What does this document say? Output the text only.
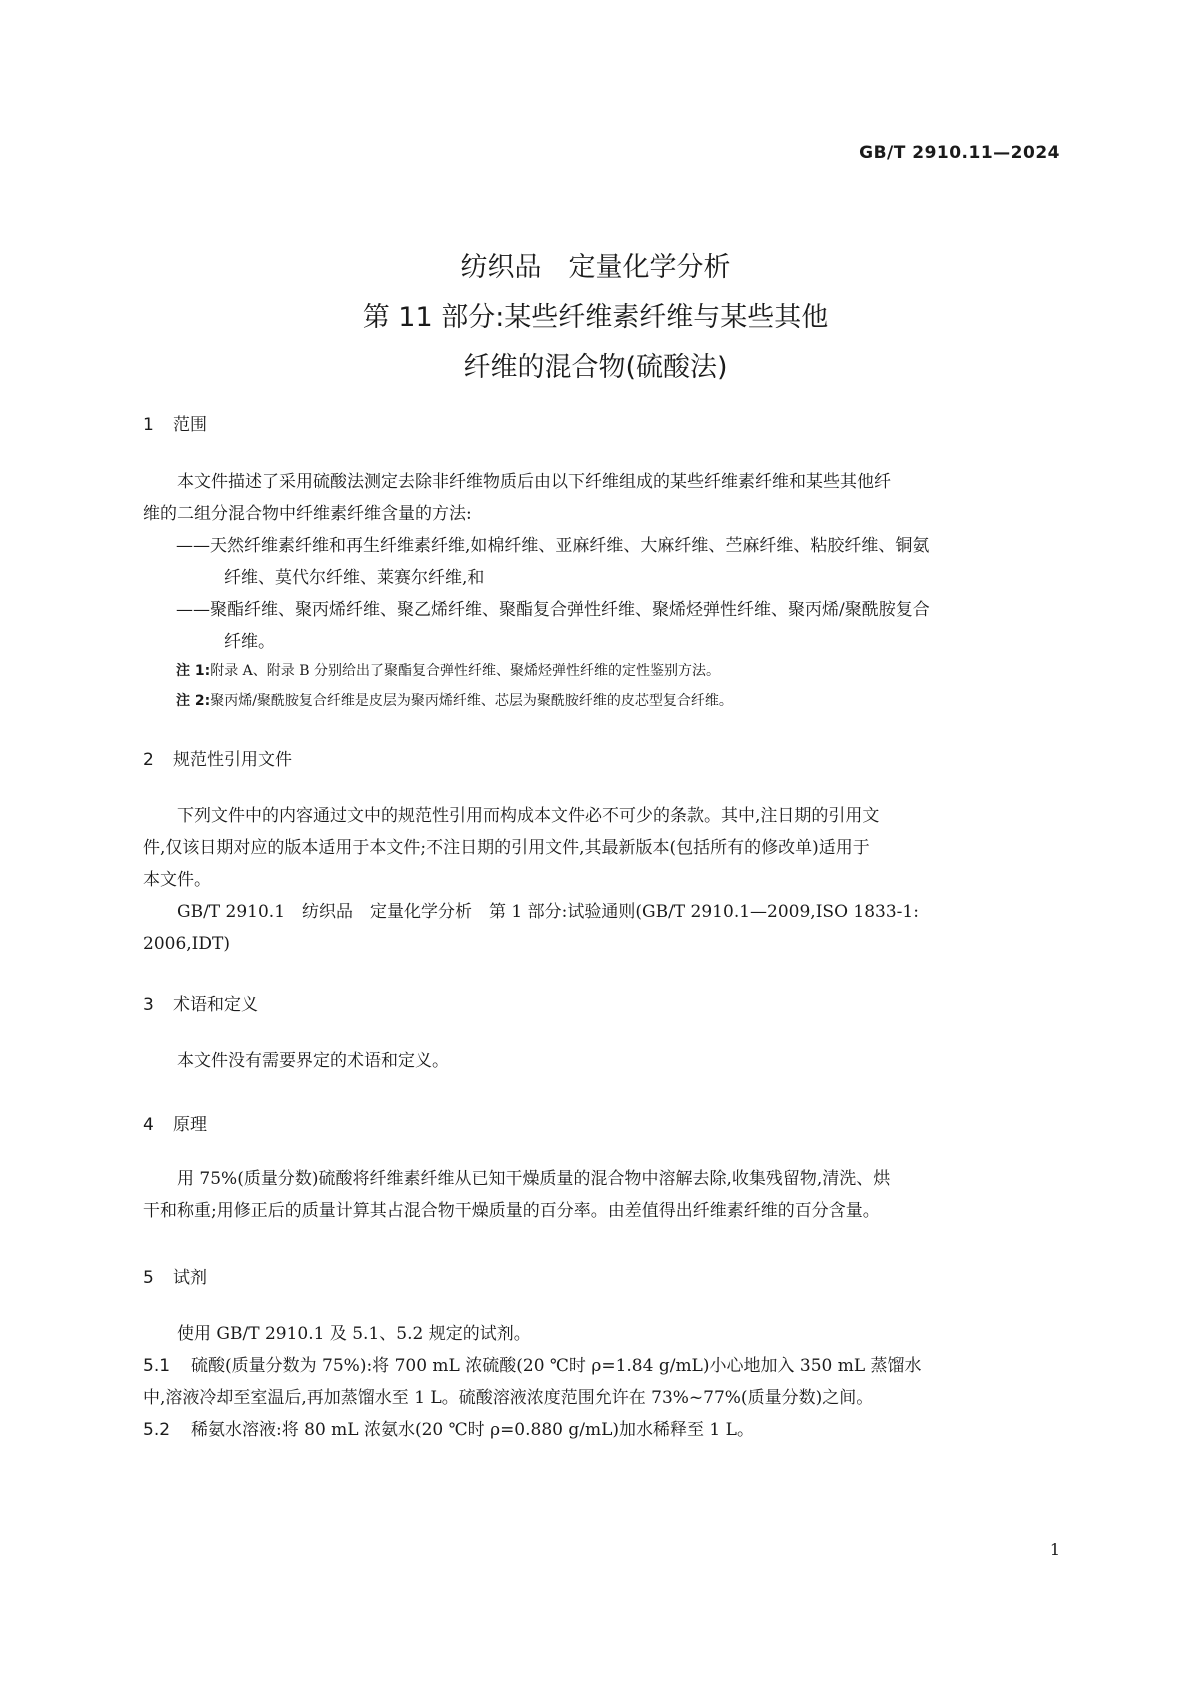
GB/T 2910.11—2024
纺织品　定量化学分析
第 11 部分:某些纤维素纤维与某些其他
纤维的混合物(硫酸法)
1 范围
本文件描述了采用硫酸法测定去除非纤维物质后由以下纤维组成的某些纤维素纤维和某些其他纤
维的二组分混合物中纤维素纤维含量的方法:
——天然纤维素纤维和再生纤维素纤维,如棉纤维、亚麻纤维、大麻纤维、苎麻纤维、粘胶纤维、铜氨
纤维、莫代尔纤维、莱赛尔纤维,和
——聚酯纤维、聚丙烯纤维、聚乙烯纤维、聚酯复合弹性纤维、聚烯烃弹性纤维、聚丙烯/聚酰胺复合
纤维。
注 1:附录 A、附录 B 分别给出了聚酯复合弹性纤维、聚烯烃弹性纤维的定性鉴别方法。
注 2:聚丙烯/聚酰胺复合纤维是皮层为聚丙烯纤维、芯层为聚酰胺纤维的皮芯型复合纤维。
2 规范性引用文件
下列文件中的内容通过文中的规范性引用而构成本文件必不可少的条款。其中,注日期的引用文
件,仅该日期对应的版本适用于本文件;不注日期的引用文件,其最新版本(包括所有的修改单)适用于
本文件。
GB/T 2910.1　纺织品　定量化学分析　第 1 部分:试验通则(GB/T 2910.1—2009,ISO 1833-1:
2006,IDT)
3 术语和定义
本文件没有需要界定的术语和定义。
4 原理
用 75%(质量分数)硫酸将纤维素纤维从已知干燥质量的混合物中溶解去除,收集残留物,清洗、烘
干和称重;用修正后的质量计算其占混合物干燥质量的百分率。由差值得出纤维素纤维的百分含量。
5 试剂
使用 GB/T 2910.1 及 5.1、5.2 规定的试剂。
5.1 硫酸(质量分数为 75%):将 700 mL 浓硫酸(20 ℃时 ρ=1.84 g/mL)小心地加入 350 mL 蒸馏水
中,溶液冷却至室温后,再加蒸馏水至 1 L。硫酸溶液浓度范围允许在 73%~77%(质量分数)之间。
5.2 稀氨水溶液:将 80 mL 浓氨水(20 ℃时 ρ=0.880 g/mL)加水稀释至 1 L。
1
